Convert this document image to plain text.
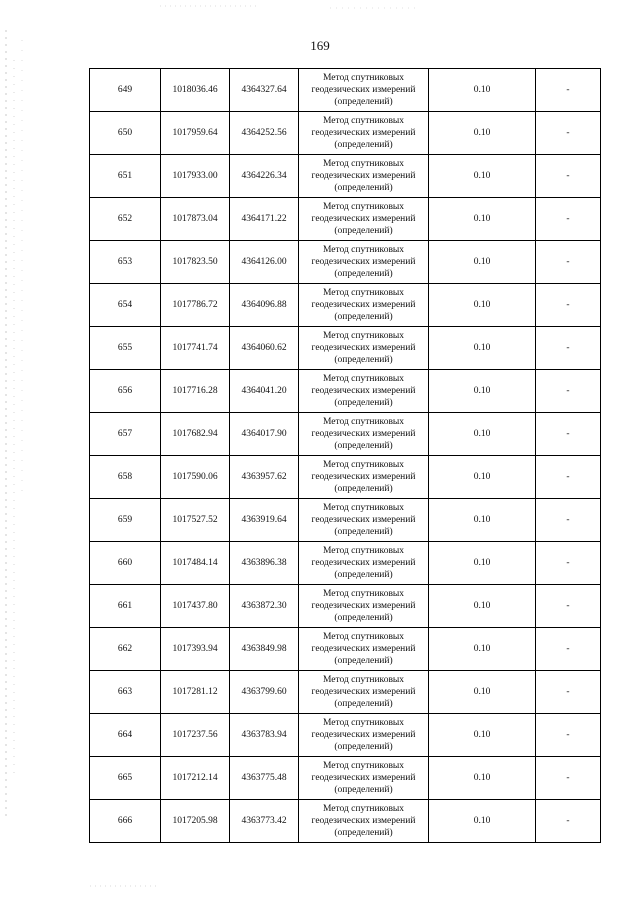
169
649	1018036.46	4364327.64	Метод спутниковых
геодезических измерений
(определений)	0.10	-
650	1017959.64	4364252.56	Метод спутниковых
геодезических измерений
(определений)	0.10	-
651	1017933.00	4364226.34	Метод спутниковых
геодезических измерений
(определений)	0.10	-
652	1017873.04	4364171.22	Метод спутниковых
геодезических измерений
(определений)	0.10	-
653	1017823.50	4364126.00	Метод спутниковых
геодезических измерений
(определений)	0.10	-
654	1017786.72	4364096.88	Метод спутниковых
геодезических измерений
(определений)	0.10	-
655	1017741.74	4364060.62	Метод спутниковых
геодезических измерений
(определений)	0.10	-
656	1017716.28	4364041.20	Метод спутниковых
геодезических измерений
(определений)	0.10	-
657	1017682.94	4364017.90	Метод спутниковых
геодезических измерений
(определений)	0.10	-
658	1017590.06	4363957.62	Метод спутниковых
геодезических измерений
(определений)	0.10	-
659	1017527.52	4363919.64	Метод спутниковых
геодезических измерений
(определений)	0.10	-
660	1017484.14	4363896.38	Метод спутниковых
геодезических измерений
(определений)	0.10	-
661	1017437.80	4363872.30	Метод спутниковых
геодезических измерений
(определений)	0.10	-
662	1017393.94	4363849.98	Метод спутниковых
геодезических измерений
(определений)	0.10	-
663	1017281.12	4363799.60	Метод спутниковых
геодезических измерений
(определений)	0.10	-
664	1017237.56	4363783.94	Метод спутниковых
геодезических измерений
(определений)	0.10	-
665	1017212.14	4363775.48	Метод спутниковых
геодезических измерений
(определений)	0.10	-
666	1017205.98	4363773.42	Метод спутниковых
геодезических измерений
(определений)	0.10	-
